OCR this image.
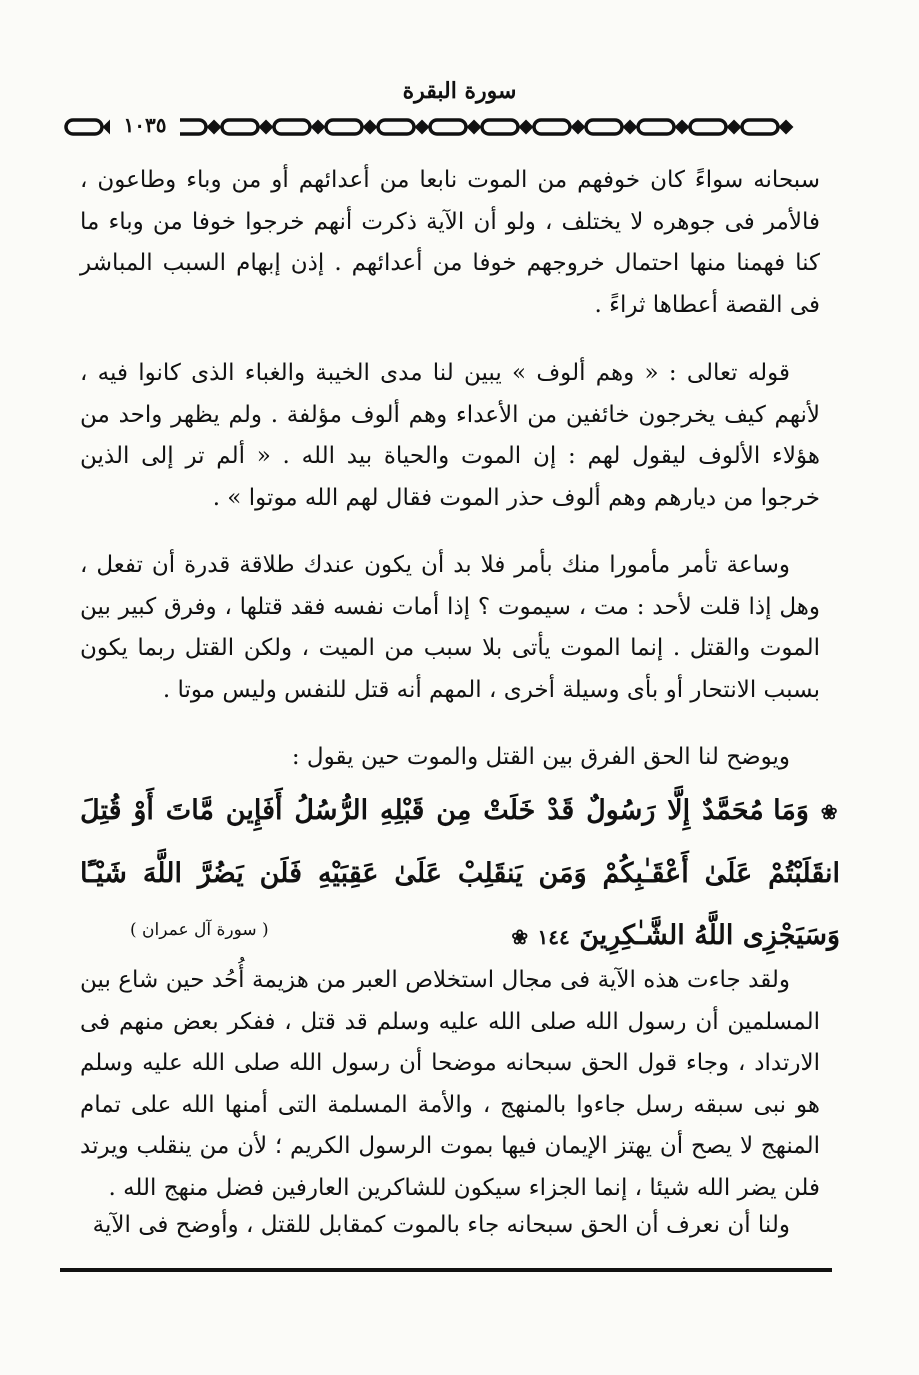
سورة البقرة
١٠٣٥

سبحانه سواءً كان خوفهم من الموت نابعا من أعدائهم أو من وباء وطاعون ، فالأمر فى جوهره لا يختلف ، ولو أن الآية ذكرت أنهم خرجوا خوفا من وباء ما كنا فهمنا منها احتمال خروجهم خوفا من أعدائهم . إذن إبهام السبب المباشر فى القصة أعطاها ثراءً .

قوله تعالى : « وهم ألوف » يبين لنا مدى الخيبة والغباء الذى كانوا فيه ، لأنهم كيف يخرجون خائفين من الأعداء وهم ألوف مؤلفة . ولم يظهر واحد من هؤلاء الألوف ليقول لهم : إن الموت والحياة بيد الله . « ألم تر إلى الذين خرجوا من ديارهم وهم ألوف حذر الموت فقال لهم الله موتوا » .

وساعة تأمر مأمورا منك بأمر فلا بد أن يكون عندك طلاقة قدرة أن تفعل ، وهل إذا قلت لأحد : مت ، سيموت ؟ إذا أمات نفسه فقد قتلها ، وفرق كبير بين الموت والقتل . إنما الموت يأتى بلا سبب من الميت ، ولكن القتل ربما يكون بسبب الانتحار أو بأى وسيلة أخرى ، المهم أنه قتل للنفس وليس موتا .

ويوضح لنا الحق الفرق بين القتل والموت حين يقول :

❀ وَمَا مُحَمَّدٌ إِلَّا رَسُولٌ قَدْ خَلَتْ مِن قَبْلِهِ الرُّسُلُ أَفَإِين مَّاتَ أَوْ قُتِلَ انقَلَبْتُمْ عَلَىٰ أَعْقَـٰبِكُمْ وَمَن يَنقَلِبْ عَلَىٰ عَقِبَيْهِ فَلَن يَضُرَّ اللَّهَ شَيْـًٔا وَسَيَجْزِى اللَّهُ الشَّـٰكِرِينَ ١٤٤ ❀

( سورة آل عمران )

ولقد جاءت هذه الآية فى مجال استخلاص العبر من هزيمة أُحُد حين شاع بين المسلمين أن رسول الله صلى الله عليه وسلم قد قتل ، ففكر بعض منهم فى الارتداد ، وجاء قول الحق سبحانه موضحا أن رسول الله صلى الله عليه وسلم هو نبى سبقه رسل جاءوا بالمنهج ، والأمة المسلمة التى أمنها الله على تمام المنهج لا يصح أن يهتز الإيمان فيها بموت الرسول الكريم ؛ لأن من ينقلب ويرتد فلن يضر الله شيئا ، إنما الجزاء سيكون للشاكرين العارفين فضل منهج الله .

ولنا أن نعرف أن الحق سبحانه جاء بالموت كمقابل للقتل ، وأوضح فى الآية
